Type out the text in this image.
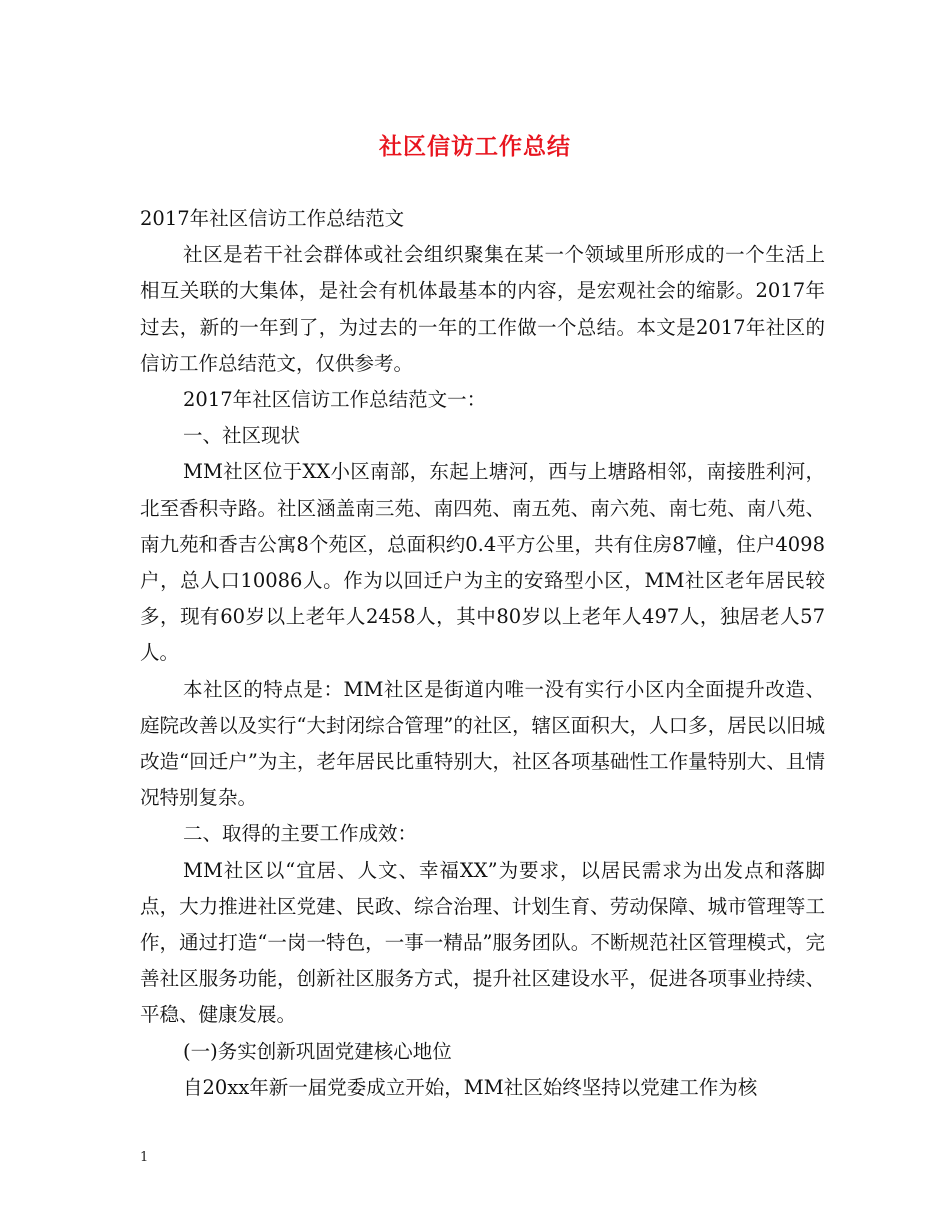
社区信访工作总结

2017年社区信访工作总结范文

社区是若干社会群体或社会组织聚集在某一个领域里所形成的一个生活上相互关联的大集体，是社会有机体最基本的内容，是宏观社会的缩影。2017年过去，新的一年到了，为过去的一年的工作做一个总结。本文是2017年社区的信访工作总结范文，仅供参考。

2017年社区信访工作总结范文一：

一、社区现状

MM社区位于XX小区南部，东起上塘河，西与上塘路相邻，南接胜利河，北至香积寺路。社区涵盖南三苑、南四苑、南五苑、南六苑、南七苑、南八苑、南九苑和香吉公寓8个苑区，总面积约0.4平方公里，共有住房87幢，住户4098户，总人口10086人。作为以回迁户为主的安臵型小区，MM社区老年居民较多，现有60岁以上老年人2458人，其中80岁以上老年人497人，独居老人57人。

本社区的特点是：MM社区是街道内唯一没有实行小区内全面提升改造、庭院改善以及实行“大封闭综合管理”的社区，辖区面积大，人口多，居民以旧城改造“回迁户”为主，老年居民比重特别大，社区各项基础性工作量特别大、且情况特别复杂。

二、取得的主要工作成效：

MM社区以“宜居、人文、幸福XX”为要求，以居民需求为出发点和落脚点，大力推进社区党建、民政、综合治理、计划生育、劳动保障、城市管理等工作，通过打造“一岗一特色，一事一精品”服务团队。不断规范社区管理模式，完善社区服务功能，创新社区服务方式，提升社区建设水平，促进各项事业持续、平稳、健康发展。

(一)务实创新巩固党建核心地位

自20xx年新一届党委成立开始，MM社区始终坚持以党建工作为核

1
